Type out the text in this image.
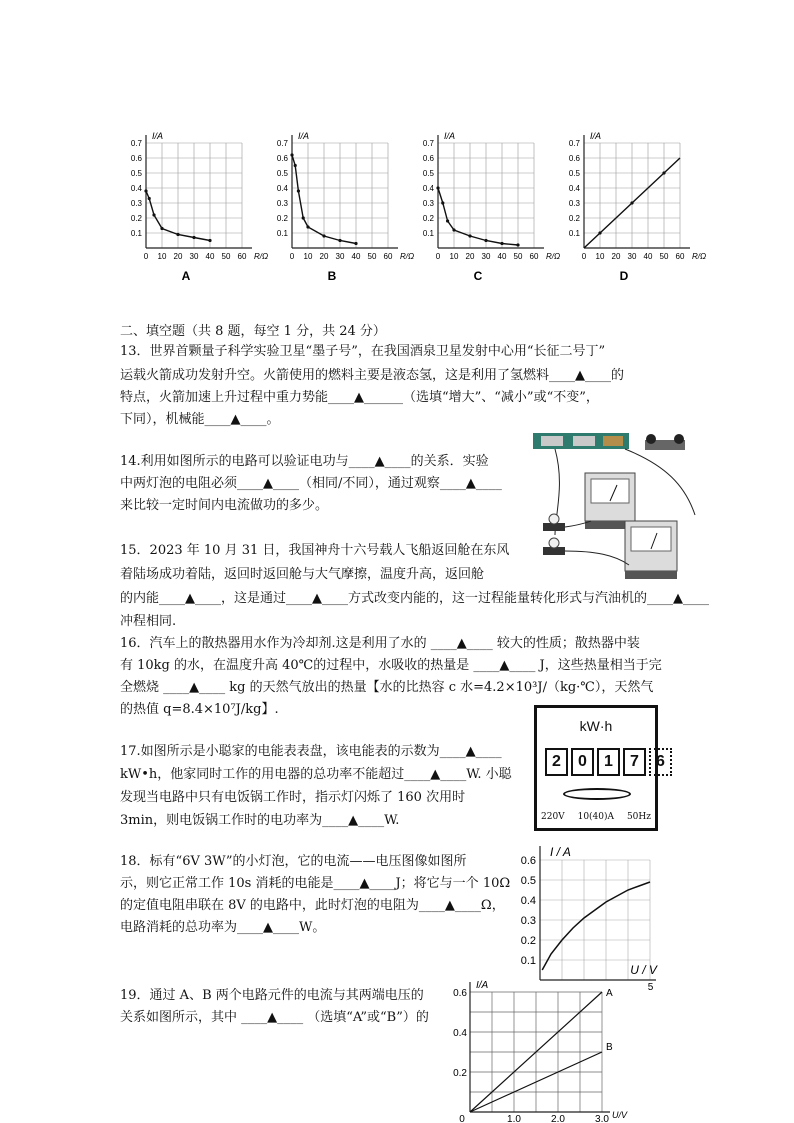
0.7
0.6
0.5
0.4
0.3
0.2
0.1
0 10 20 30 40 50 60
I/A
R/Ω
A
0.7
0.6
0.5
0.4
0.3
0.2
0.1
0 10 20 30 40 50 60
I/A
R/Ω
B
0.7
0.6
0.5
0.4
0.3
0.2
0.1
0 10 20 30 40 50 60
I/A
R/Ω
C
0.7
0.6
0.5
0.4
0.3
0.2
0.1
0 10 20 30 40 50 60
I/A
R/Ω
D
二、填空题（共 8 题，每空 1 分，共 24 分）
13．世界首颗量子科学实验卫星“墨子号”，在我国酒泉卫星发射中心用“长征二号丁”
运载火箭成功发射升空。火箭使用的燃料主要是液态氢，这是利用了氢燃料____▲____的
特点，火箭加速上升过程中重力势能____▲______（选填“增大”、“减小”或“不变”，
下同），机械能____▲____。
14.利用如图所示的电路可以验证电功与____▲____的关系．实验
中两灯泡的电阻必须____▲____（相同/不同），通过观察____▲____
来比较一定时间内电流做功的多少。
15．2023 年 10 月 31 日，我国神舟十六号载人飞船返回舱在东风
着陆场成功着陆，返回时返回舱与大气摩擦，温度升高，返回舱
的内能____▲____，这是通过____▲____方式改变内能的，这一过程能量转化形式与汽油机的____▲____
冲程相同.
16．汽车上的散热器用水作为冷却剂.这是利用了水的 ____▲____ 较大的性质；散热器中装
有 10kg 的水，在温度升高 40℃的过程中，水吸收的热量是 ____▲____ J，这些热量相当于完
全燃烧 ____▲____ kg 的天然气放出的热量【水的比热容 c 水=4.2×10³J/（kg·℃），天然气
的热值 q=8.4×10⁷J/kg】.
17.如图所示是小聪家的电能表表盘，该电能表的示数为____▲____
kW•h，他家同时工作的用电器的总功率不能超过____▲____W. 小聪
发现当电路中只有电饭锅工作时，指示灯闪烁了 160 次用时
3min，则电饭锅工作时的电功率为____▲____W.
kW·h
2	0	1	7	6
220V 10(40)A 50Hz
18．标有“6V 3W”的小灯泡，它的电流——电压图像如图所
示，则它正常工作 10s 消耗的电能是____▲____J；将它与一个 10Ω
的定值电阻串联在 8V 的电路中，此时灯泡的电阻为____▲____Ω，
电路消耗的总功率为____▲____W。
0.6
0.5
0.4
0.3
0.2
0.1
I / A
U / V
5
19．通过 A、B 两个电路元件的电流与其两端电压的
关系如图所示，其中 ____▲____ （选填“A”或“B”）的
0.6
0.4
0.2
0	1.0	2.0	3.0
I/A
U/V
A
B
